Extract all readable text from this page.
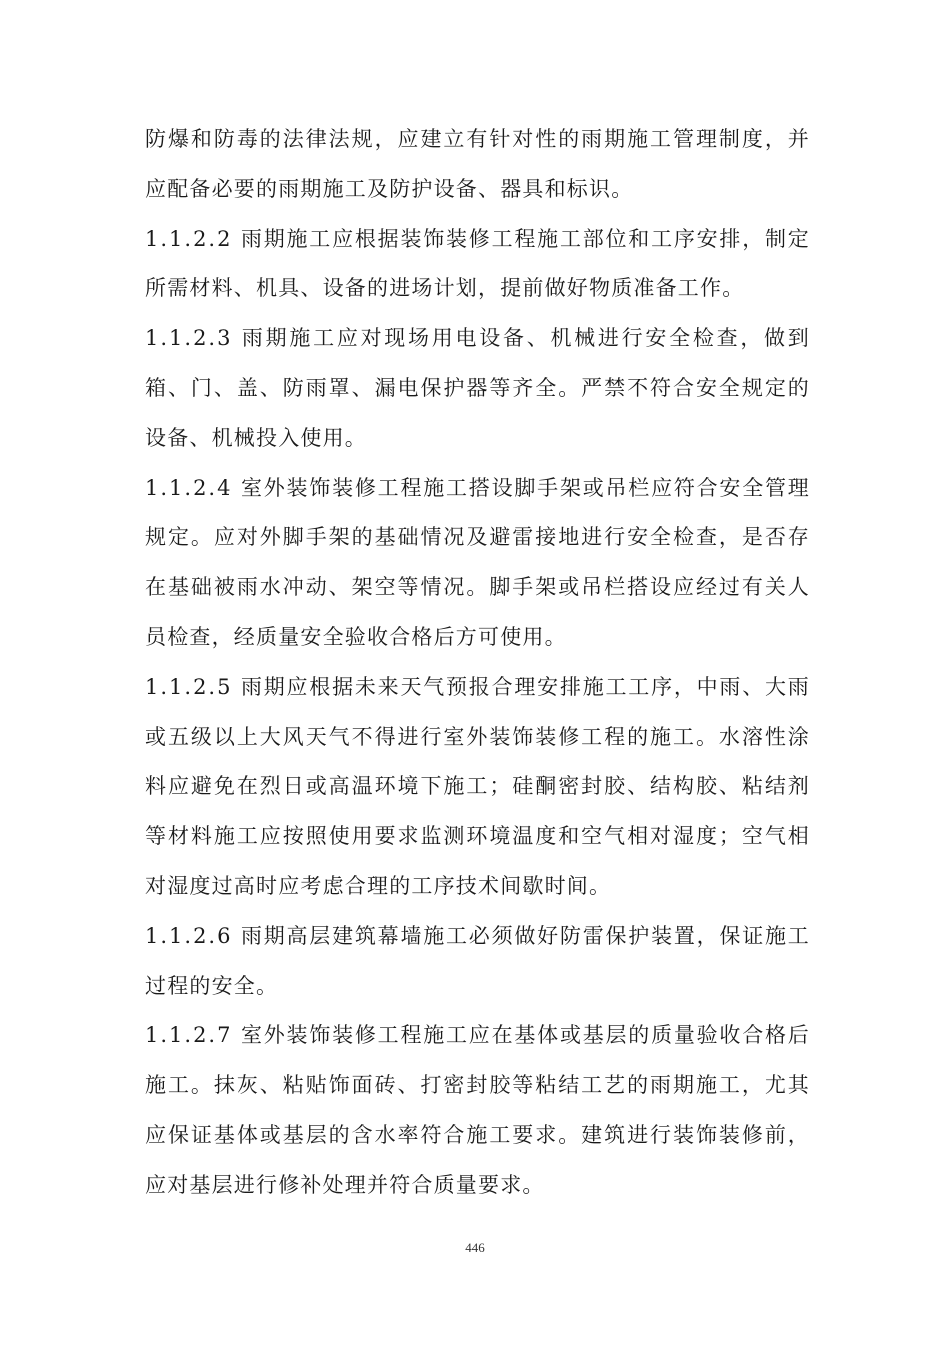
防爆和防毒的法律法规，应建立有针对性的雨期施工管理制度，并应配备必要的雨期施工及防护设备、器具和标识。

1.1.2.2 雨期施工应根据装饰装修工程施工部位和工序安排，制定所需材料、机具、设备的进场计划，提前做好物质准备工作。

1.1.2.3 雨期施工应对现场用电设备、机械进行安全检查，做到箱、门、盖、防雨罩、漏电保护器等齐全。严禁不符合安全规定的设备、机械投入使用。

1.1.2.4 室外装饰装修工程施工搭设脚手架或吊栏应符合安全管理规定。应对外脚手架的基础情况及避雷接地进行安全检查，是否存在基础被雨水冲动、架空等情况。脚手架或吊栏搭设应经过有关人员检查，经质量安全验收合格后方可使用。

1.1.2.5 雨期应根据未来天气预报合理安排施工工序，中雨、大雨或五级以上大风天气不得进行室外装饰装修工程的施工。水溶性涂料应避免在烈日或高温环境下施工；硅酮密封胶、结构胶、粘结剂等材料施工应按照使用要求监测环境温度和空气相对湿度；空气相对湿度过高时应考虑合理的工序技术间歇时间。

1.1.2.6 雨期高层建筑幕墙施工必须做好防雷保护装置，保证施工过程的安全。

1.1.2.7 室外装饰装修工程施工应在基体或基层的质量验收合格后施工。抹灰、粘贴饰面砖、打密封胶等粘结工艺的雨期施工，尤其应保证基体或基层的含水率符合施工要求。建筑进行装饰装修前，应对基层进行修补处理并符合质量要求。

446
